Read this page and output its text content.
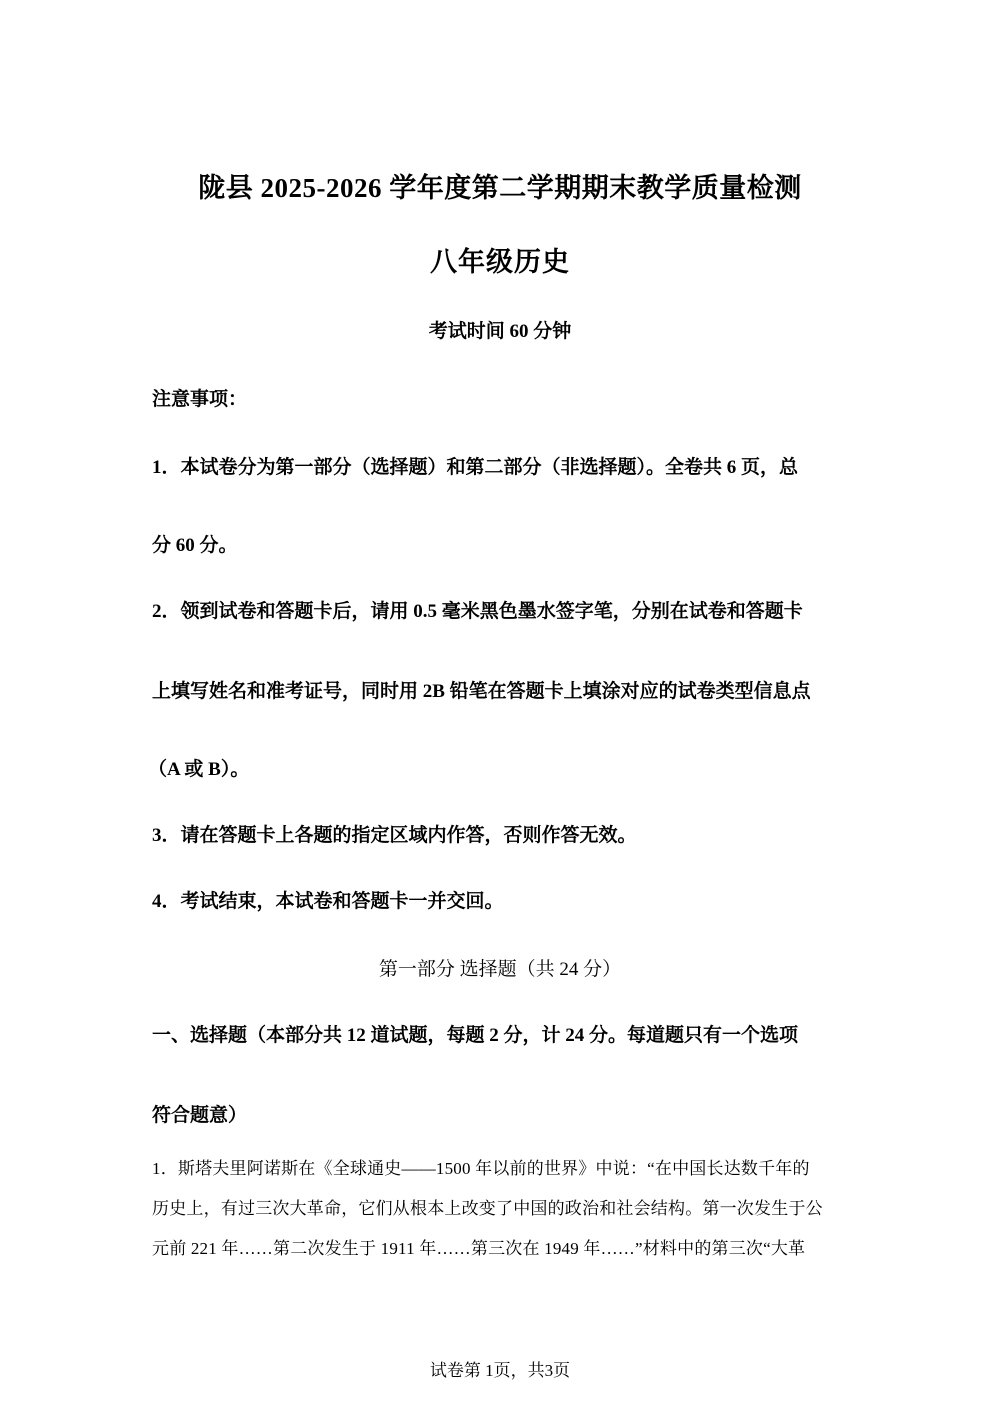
陇县 2025-2026 学年度第二学期期末教学质量检测
八年级历史
考试时间 60 分钟
注意事项：
1．本试卷分为第一部分（选择题）和第二部分（非选择题）。全卷共 6 页，总
分 60 分。
2．领到试卷和答题卡后，请用 0.5 毫米黑色墨水签字笔，分别在试卷和答题卡
上填写姓名和准考证号，同时用 2B 铅笔在答题卡上填涂对应的试卷类型信息点
（A 或 B）。
3．请在答题卡上各题的指定区域内作答，否则作答无效。
4．考试结束，本试卷和答题卡一并交回。
第一部分 选择题（共 24 分）
一、选择题（本部分共 12 道试题，每题 2 分，计 24 分。每道题只有一个选项
符合题意）
1．斯塔夫里阿诺斯在《全球通史——1500 年以前的世界》中说：“在中国长达数千年的
历史上，有过三次大革命，它们从根本上改变了中国的政治和社会结构。第一次发生于公
元前 221 年……第二次发生于 1911 年……第三次在 1949 年……”材料中的第三次“大革
试卷第 1页，共3页
